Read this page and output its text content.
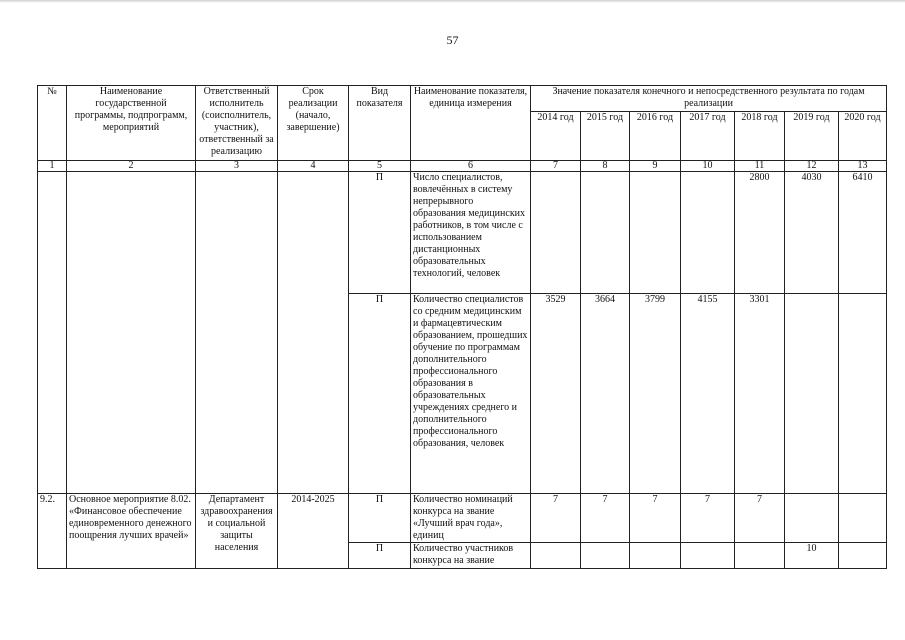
57
№	Наименование государственной программы, подпрограмм, мероприятий	Ответственный исполнитель (соисполнитель, участник), ответственный за реализацию	Срок реализации (начало, завершение)	Вид показателя	Наименование показателя, единица измерения	Значение показателя конечного и непосредственного результата по годам реализации						
						2014 год	2015 год	2016 год	2017 год	2018 год	2019 год	2020 год
1	2	3	4	5	6	7	8	9	10	11	12	13
				П	Число специалистов, вовлечённых в систему непрерывного образования медицинских работников, в том числе с использованием дистанционных образовательных технологий, человек					2800	4030	6410
				П	Количество специалистов со средним медицинским и фармацевтическим образованием, прошедших обучение по программам дополнительного профессионального образования в образовательных учреждениях среднего и дополнительного профессионального образования, человек	3529	3664	3799	4155	3301		
9.2.	Основное мероприятие 8.02. «Финансовое обеспечение единовременного денежного поощрения лучших врачей»	Департамент здравоохранения и социальной защиты населения	2014-2025	П	Количество номинаций конкурса на звание «Лучший врач года», единиц	7	7	7	7	7		
				П	Количество участников конкурса на звание						10	
